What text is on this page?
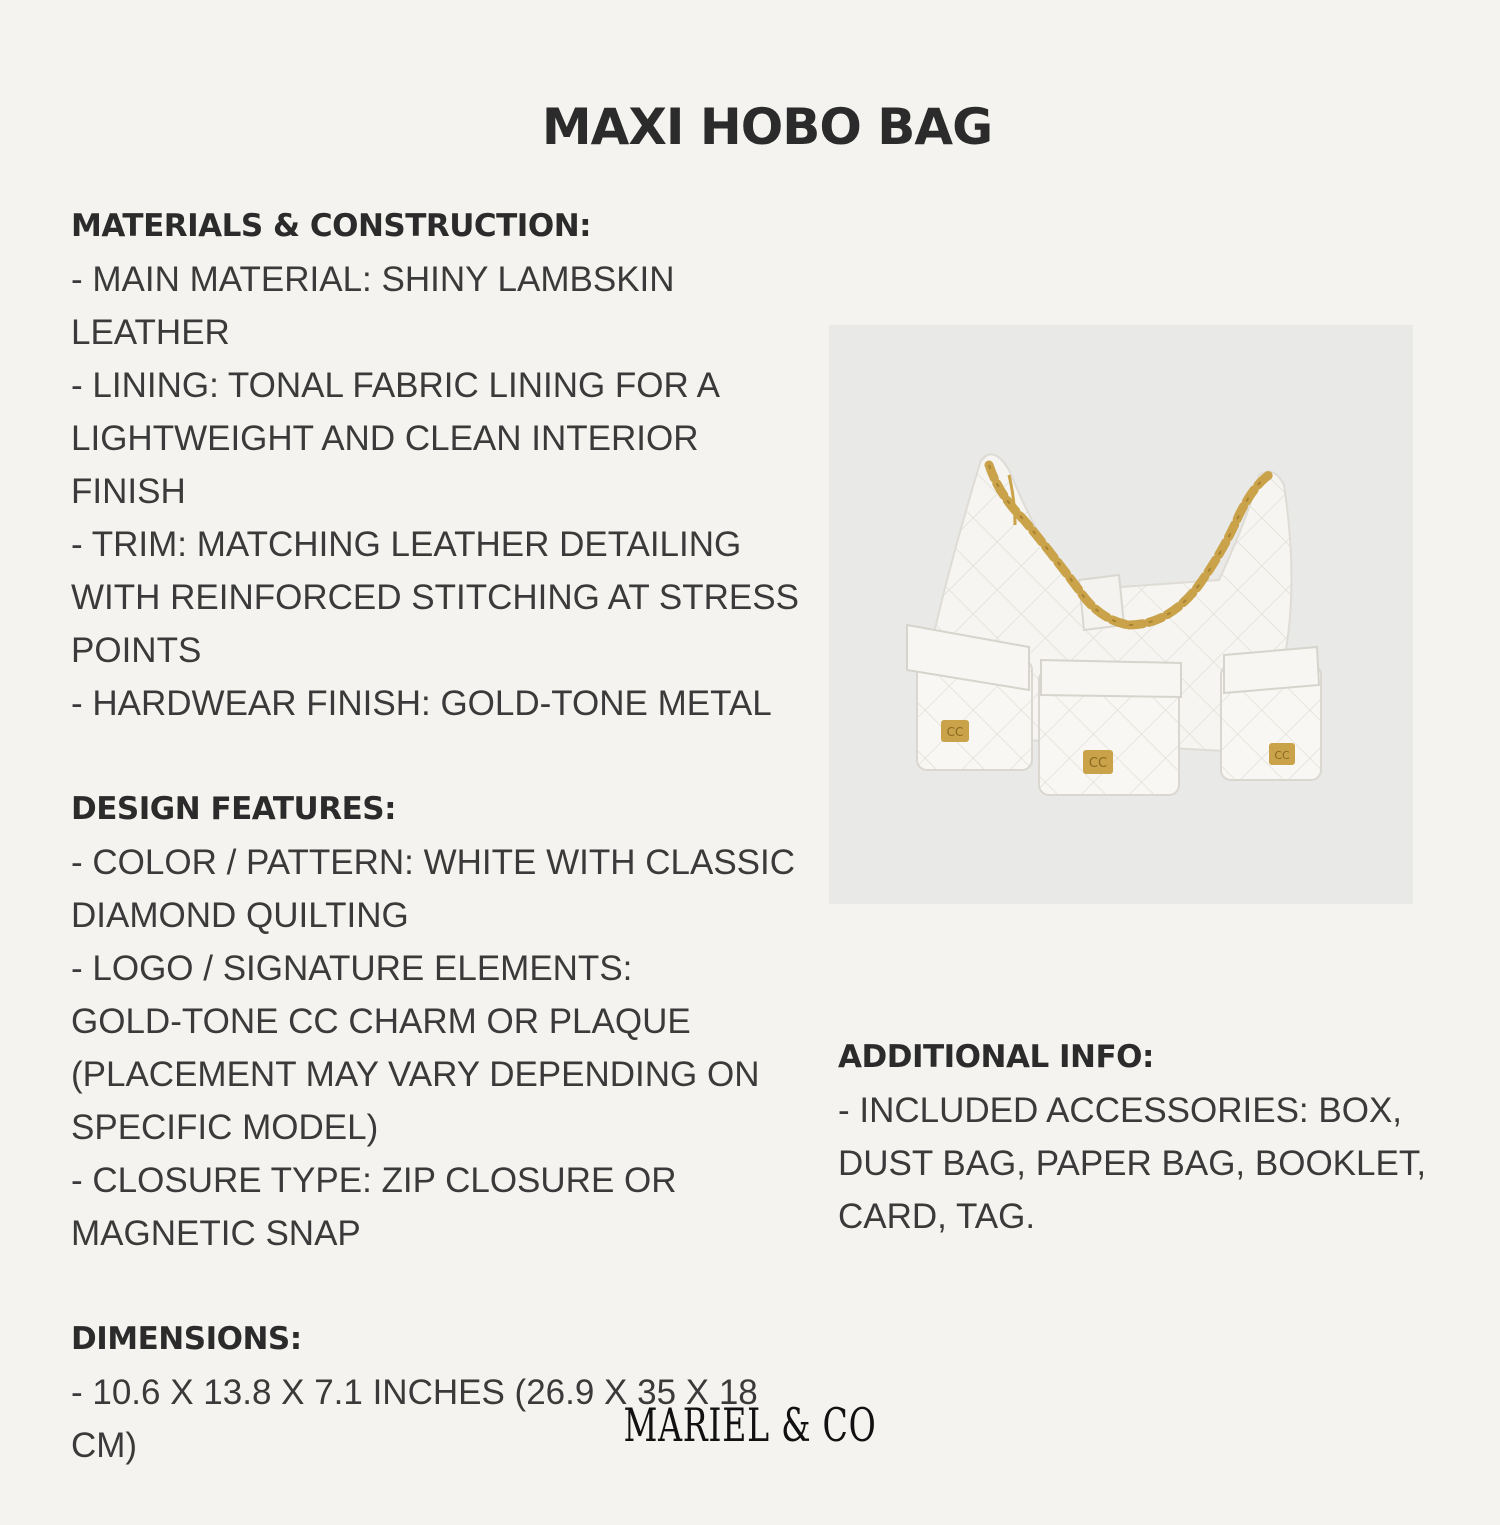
MAXI HOBO BAG

MATERIALS & CONSTRUCTION:

- MAIN MATERIAL: SHINY LAMBSKIN

LEATHER

- LINING: TONAL FABRIC LINING FOR A

LIGHTWEIGHT AND CLEAN INTERIOR FINISH

- TRIM: MATCHING LEATHER DETAILING

WITH REINFORCED STITCHING AT STRESS

POINTS

- HARDWEAR FINISH: GOLD-TONE METAL

DESIGN FEATURES:

- COLOR / PATTERN: WHITE WITH CLASSIC

DIAMOND QUILTING

- LOGO / SIGNATURE ELEMENTS:

GOLD-TONE CC CHARM OR PLAQUE

(PLACEMENT MAY VARY DEPENDING ON

SPECIFIC MODEL)

- CLOSURE TYPE: ZIP CLOSURE OR

MAGNETIC SNAP

DIMENSIONS:

- 10.6 X 13.8 X 7.1 INCHES (26.9 X 35 X 18

CM)

CC
CC
CC

ADDITIONAL INFO:

- INCLUDED ACCESSORIES: BOX,

DUST BAG, PAPER BAG, BOOKLET,

CARD, TAG.

MARIEL & CO
